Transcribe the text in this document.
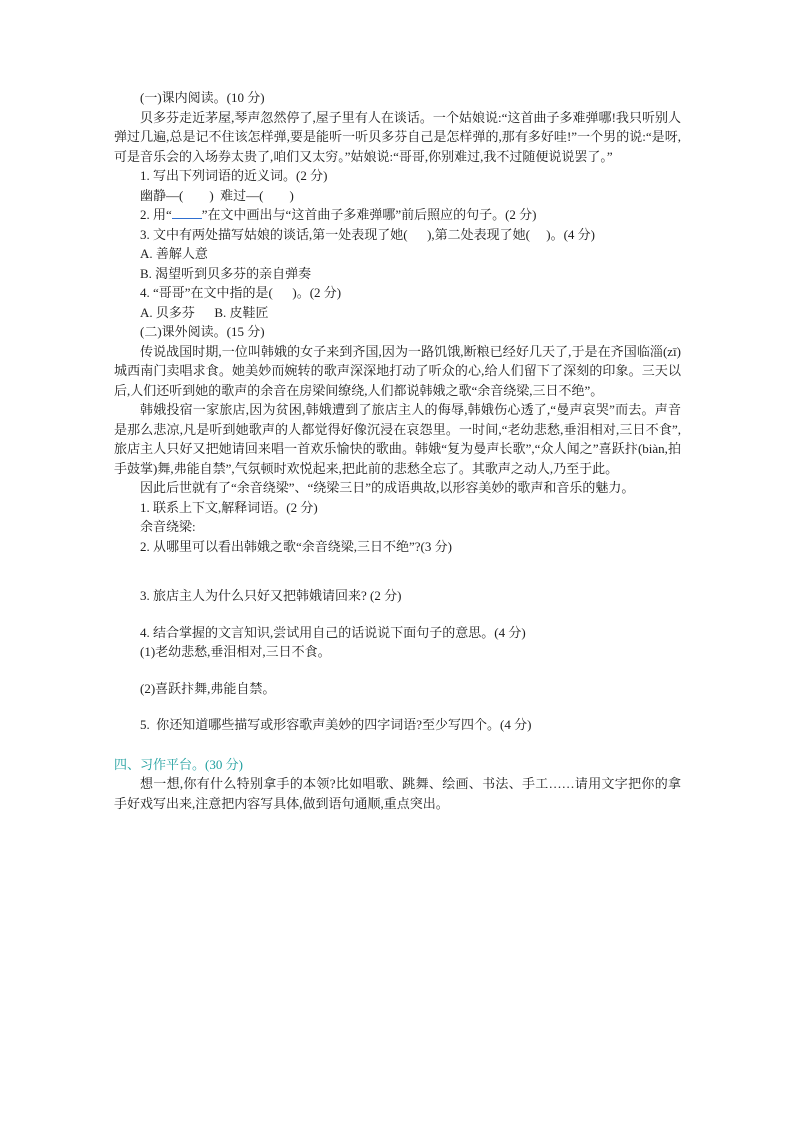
(一)课内阅读。(10 分)

贝多芬走近茅屋,琴声忽然停了,屋子里有人在谈话。一个姑娘说:“这首曲子多难弹哪!我只听别人弹过几遍,总是记不住该怎样弹,要是能听一听贝多芬自己是怎样弹的,那有多好哇!”一个男的说:“是呀,可是音乐会的入场券太贵了,咱们又太穷。”姑娘说:“哥哥,你别难过,我不过随便说说罢了。”

1. 写出下列词语的近义词。(2 分)

幽静—(        )  难过—(        )

2. 用“ ”在文中画出与“这首曲子多难弹哪”前后照应的句子。(2 分)

3. 文中有两处描写姑娘的谈话,第一处表现了她(      ),第二处表现了她(     )。(4 分)

A. 善解人意

B. 渴望听到贝多芬的亲自弹奏

4. “哥哥”在文中指的是(      )。(2 分)

A. 贝多芬      B. 皮鞋匠

(二)课外阅读。(15 分)

传说战国时期,一位叫韩娥的女子来到齐国,因为一路饥饿,断粮已经好几天了,于是在齐国临淄(zī)城西南门卖唱求食。她美妙而婉转的歌声深深地打动了听众的心,给人们留下了深刻的印象。三天以后,人们还听到她的歌声的余音在房梁间缭绕,人们都说韩娥之歌“余音绕梁,三日不绝”。

韩娥投宿一家旅店,因为贫困,韩娥遭到了旅店主人的侮辱,韩娥伤心透了,“曼声哀哭”而去。声音是那么悲凉,凡是听到她歌声的人都觉得好像沉浸在哀怨里。一时间,“老幼悲愁,垂泪相对,三日不食”,旅店主人只好又把她请回来唱一首欢乐愉快的歌曲。韩娥“复为曼声长歌”,“众人闻之”喜跃抃(biàn,拍手鼓掌)舞,弗能自禁”,气氛顿时欢悦起来,把此前的悲愁全忘了。其歌声之动人,乃至于此。

因此后世就有了“余音绕梁”、“绕梁三日”的成语典故,以形容美妙的歌声和音乐的魅力。

1. 联系上下文,解释词语。(2 分)

余音绕梁:

2. 从哪里可以看出韩娥之歌“余音绕梁,三日不绝”?(3 分)

3. 旅店主人为什么只好又把韩娥请回来? (2 分)

4. 结合掌握的文言知识,尝试用自己的话说说下面句子的意思。(4 分)

(1)老幼悲愁,垂泪相对,三日不食。

(2)喜跃抃舞,弗能自禁。

5.  你还知道哪些描写或形容歌声美妙的四字词语?至少写四个。(4 分)

四、习作平台。(30 分)

想一想,你有什么特别拿手的本领?比如唱歌、跳舞、绘画、书法、手工……请用文字把你的拿手好戏写出来,注意把内容写具体,做到语句通顺,重点突出。
